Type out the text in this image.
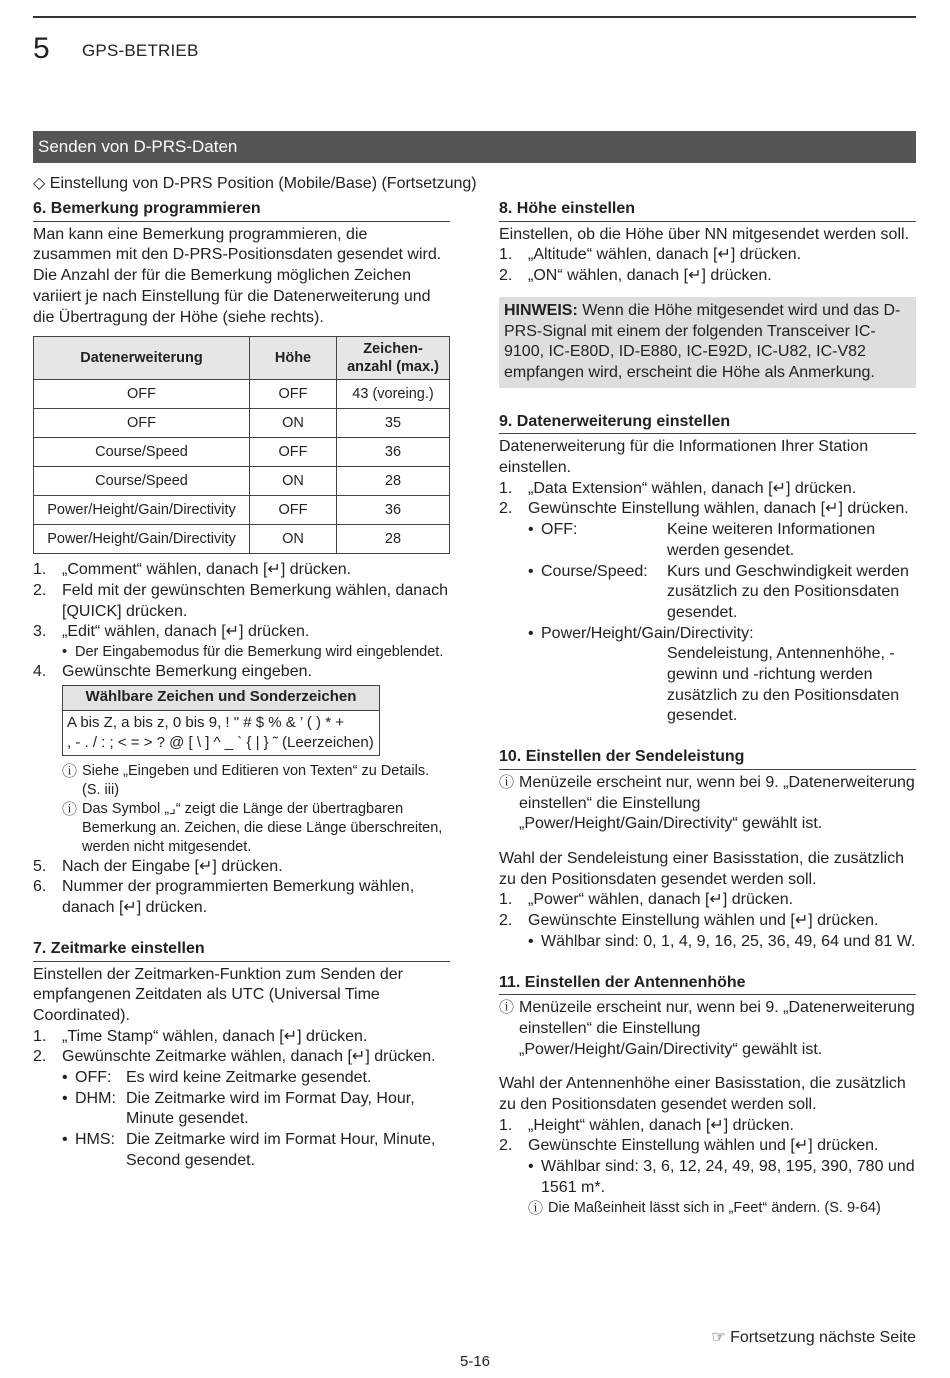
5 GPS-BETRIEB
Senden von D-PRS-Daten
◇ Einstellung von D-PRS Position (Mobile/Base) (Fortsetzung)
6. Bemerkung programmieren

Man kann eine Bemerkung programmieren, die zusammen mit den D-PRS-Positionsdaten gesendet wird. Die Anzahl der für die Bemerkung möglichen Zeichen variiert je nach Einstellung für die Datenerweiterung und die Übertragung der Höhe (siehe rechts).

Datenerweiterung	Höhe	Zeichen-
anzahl (max.)
OFF	OFF	43 (voreing.)
OFF	ON	35
Course/Speed	OFF	36
Course/Speed	ON	28
Power/Height/Gain/Directivity	OFF	36
Power/Height/Gain/Directivity	ON	28
1. „Comment“ wählen, danach [↵] drücken.
2. Feld mit der gewünschten Bemerkung wählen, danach [QUICK] drücken.
3. „Edit“ wählen, danach [↵] drücken.
• Der Eingabemodus für die Bemerkung wird eingeblendet.
4. Gewünschte Bemerkung eingeben.
Wählbare Zeichen und Sonderzeichen
A bis Z, a bis z, 0 bis 9, ! " # $ % & ’ ( ) * +
, - . / : ; < = > ? @ [ \ ] ^ _ ` { | } ˜ (Leerzeichen)
ⓘ Siehe „Eingeben und Editieren von Texten“ zu Details. (S. iii)
ⓘ Das Symbol „⌟“ zeigt die Länge der übertragbaren Bemerkung an. Zeichen, die diese Länge überschreiten, werden nicht mitgesendet.
5. Nach der Eingabe [↵] drücken.
6. Nummer der programmierten Bemerkung wählen, danach [↵] drücken.
7. Zeitmarke einstellen

Einstellen der Zeitmarken-Funktion zum Senden der empfangenen Zeitdaten als UTC (Universal Time Coordinated).

1. „Time Stamp“ wählen, danach [↵] drücken.
2. Gewünschte Zeitmarke wählen, danach [↵] drücken.
• OFF: Es wird keine Zeitmarke gesendet.
• DHM: Die Zeitmarke wird im Format Day, Hour, Minute gesendet.
• HMS: Die Zeitmarke wird im Format Hour, Minute, Second gesendet.
8. Höhe einstellen

Einstellen, ob die Höhe über NN mitgesendet werden soll.

1. „Altitude“ wählen, danach [↵] drücken.
2. „ON“ wählen, danach [↵] drücken.
HINWEIS: Wenn die Höhe mitgesendet wird und das D-PRS-Signal mit einem der folgenden Transceiver IC-9100, IC-E80D, ID-E880, IC-E92D, IC-U82, IC-V82 empfangen wird, erscheint die Höhe als Anmerkung.
9. Datenerweiterung einstellen

Datenerweiterung für die Informationen Ihrer Station einstellen.

1. „Data Extension“ wählen, danach [↵] drücken.
2. Gewünschte Einstellung wählen, danach [↵] drücken.
• OFF:	Keine weiteren Informationen werden gesendet.
• Course/Speed:	Kurs und Geschwindigkeit werden zusätzlich zu den Positionsdaten gesendet.
• Power/Height/Gain/Directivity:
Sendeleistung, Antennenhöhe, -gewinn und -richtung werden zusätzlich zu den Positionsdaten gesendet.
10. Einstellen der Sendeleistung
ⓘ Menüzeile erscheint nur, wenn bei 9. „Datenerweiterung einstellen“ die Einstellung „Power/Height/Gain/Directivity“ gewählt ist.

Wahl der Sendeleistung einer Basisstation, die zusätzlich zu den Positionsdaten gesendet werden soll.

1. „Power“ wählen, danach [↵] drücken.
2. Gewünschte Einstellung wählen und [↵] drücken.
• Wählbar sind: 0, 1, 4, 9, 16, 25, 36, 49, 64 und 81 W.
11. Einstellen der Antennenhöhe
ⓘ Menüzeile erscheint nur, wenn bei 9. „Datenerweiterung einstellen“ die Einstellung „Power/Height/Gain/Directivity“ gewählt ist.

Wahl der Antennenhöhe einer Basisstation, die zusätzlich zu den Positionsdaten gesendet werden soll.

1. „Height“ wählen, danach [↵] drücken.
2. Gewünschte Einstellung wählen und [↵] drücken.
• Wählbar sind: 3, 6, 12, 24, 49, 98, 195, 390, 780 und 1561 m*.
ⓘ Die Maßeinheit lässt sich in „Feet“ ändern. (S. 9-64)
☞ Fortsetzung nächste Seite
5-16
